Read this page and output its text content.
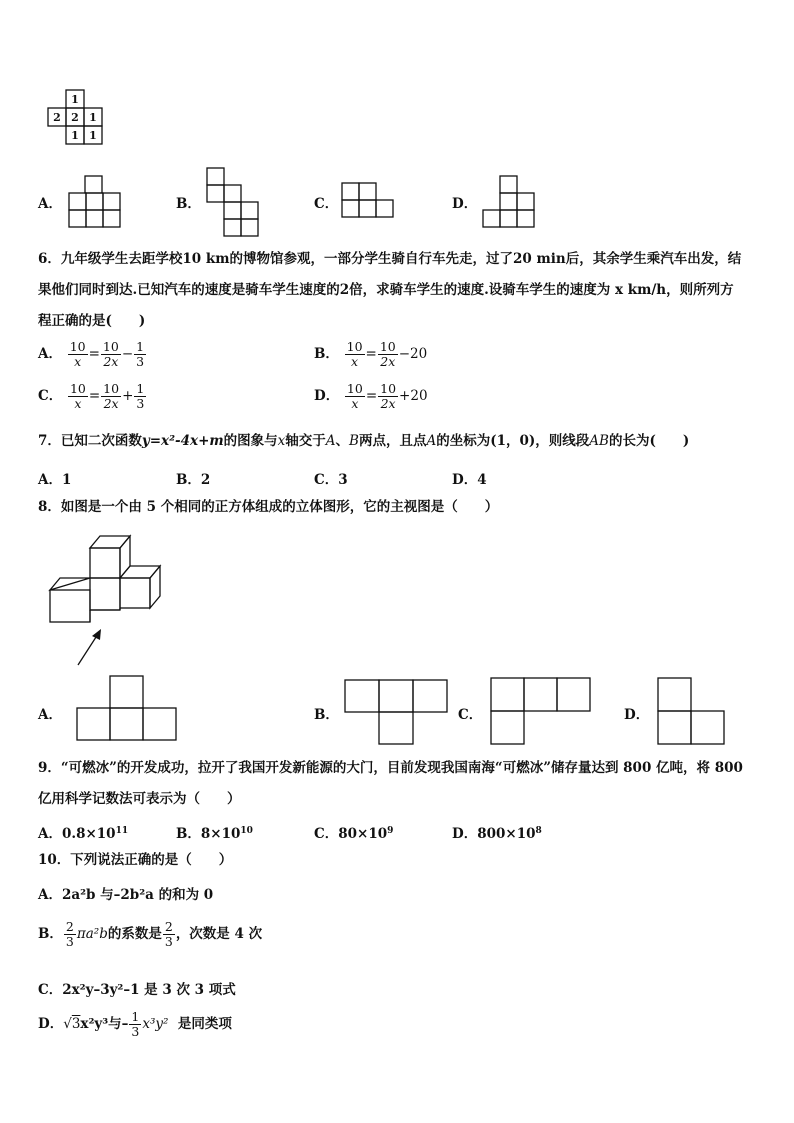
1
2 2 1
1 1
A．	B．	C．	D．
6．九年级学生去距学校10 km的博物馆参观，一部分学生骑自行车先走，过了20 min后，其余学生乘汽车出发，结
果他们同时到达.已知汽车的速度是骑车学生速度的2倍，求骑车学生的速度.设骑车学生的速度为 x km/h，则所列方
程正确的是(　　)
A． $\frac{10}{x} = \frac{10}{2x} - \frac{1}{3}$	B． $\frac{10}{x} = \frac{10}{2x} -20$
C． $\frac{10}{x} = \frac{10}{2x} + \frac{1}{3}$	D． $\frac{10}{x} = \frac{10}{2x} +20$
7．已知二次函数y=x²-4x+m的图象与x轴交于A、B两点，且点A的坐标为(1，0)，则线段AB的长为(　　)
A．1	B．2	C．3	D．4
8．如图是一个由 5 个相同的正方体组成的立体图形，它的主视图是（　　）
A．	B．	C．	D．
9．“可燃冰”的开发成功，拉开了我国开发新能源的大门，目前发现我国南海“可燃冰”储存量达到 800 亿吨，将 800
亿用科学记数法可表示为（　　）
A．$0.8\times 10^{11}$	B．$8\times 10^{10}$	C．$80\times 10^9$	D．$800\times 10^8$
10．下列说法正确的是（　　）
A．2a²b 与–2b²a 的和为 0
B． $\frac{2}{3} \pi a^2b$的系数是 $\frac{2}{3}$ ，次数是 4 次
C．2x²y–3y²–1 是 3 次 3 项式
D．√3x²y³与– $\frac{1}{3} x^3y^2$ 是同类项
